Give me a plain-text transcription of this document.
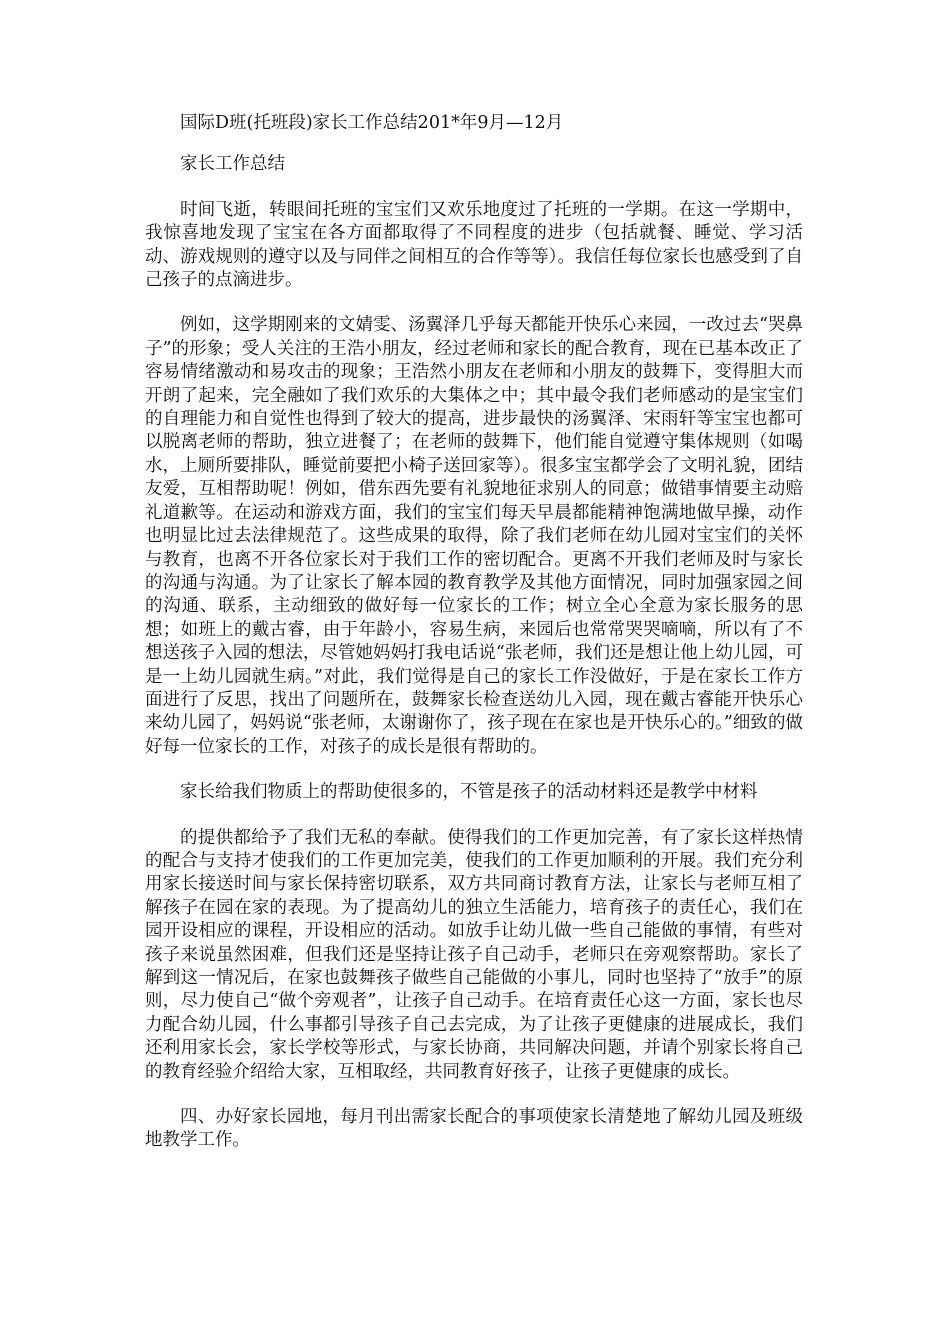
国际D班(托班段)家长工作总结201*年9月—12月

家长工作总结

时间飞逝，转眼间托班的宝宝们又欢乐地度过了托班的一学期。在这一学期中，我惊喜地发现了宝宝在各方面都取得了不同程度的进步（包括就餐、睡觉、学习活动、游戏规则的遵守以及与同伴之间相互的合作等等）。我信任每位家长也感受到了自己孩子的点滴进步。

例如，这学期刚来的文婧雯、汤翼泽几乎每天都能开快乐心来园，一改过去“哭鼻子”的形象；受人关注的王浩小朋友，经过老师和家长的配合教育，现在已基本改正了容易情绪激动和易攻击的现象；王浩然小朋友在老师和小朋友的鼓舞下，变得胆大而开朗了起来，完全融如了我们欢乐的大集体之中；其中最令我们老师感动的是宝宝们的自理能力和自觉性也得到了较大的提高，进步最快的汤翼泽、宋雨轩等宝宝也都可以脱离老师的帮助，独立进餐了；在老师的鼓舞下，他们能自觉遵守集体规则（如喝水，上厕所要排队，睡觉前要把小椅子送回家等）。很多宝宝都学会了文明礼貌，团结友爱，互相帮助呢！例如，借东西先要有礼貌地征求别人的同意；做错事情要主动赔礼道歉等。在运动和游戏方面，我们的宝宝们每天早晨都能精神饱满地做早操，动作也明显比过去法律规范了。这些成果的取得，除了我们老师在幼儿园对宝宝们的关怀与教育，也离不开各位家长对于我们工作的密切配合。更离不开我们老师及时与家长的沟通与沟通。为了让家长了解本园的教育教学及其他方面情况，同时加强家园之间的沟通、联系，主动细致的做好每一位家长的工作；树立全心全意为家长服务的思想；如班上的戴古睿，由于年龄小，容易生病，来园后也常常哭哭嘀嘀，所以有了不想送孩子入园的想法，尽管她妈妈打我电话说“张老师，我们还是想让他上幼儿园，可是一上幼儿园就生病。”对此，我们觉得是自己的家长工作没做好，于是在家长工作方面进行了反思，找出了问题所在，鼓舞家长检查送幼儿入园，现在戴古睿能开快乐心来幼儿园了，妈妈说“张老师，太谢谢你了，孩子现在在家也是开快乐心的。”细致的做好每一位家长的工作，对孩子的成长是很有帮助的。

家长给我们物质上的帮助使很多的，不管是孩子的活动材料还是教学中材料

的提供都给予了我们无私的奉献。使得我们的工作更加完善，有了家长这样热情的配合与支持才使我们的工作更加完美，使我们的工作更加顺利的开展。我们充分利用家长接送时间与家长保持密切联系，双方共同商讨教育方法，让家长与老师互相了解孩子在园在家的表现。为了提高幼儿的独立生活能力，培育孩子的责任心，我们在园开设相应的课程，开设相应的活动。如放手让幼儿做一些自己能做的事情，有些对孩子来说虽然困难，但我们还是坚持让孩子自己动手，老师只在旁观察帮助。家长了解到这一情况后，在家也鼓舞孩子做些自己能做的小事儿，同时也坚持了“放手”的原则，尽力使自己“做个旁观者”，让孩子自己动手。在培育责任心这一方面，家长也尽力配合幼儿园，什么事都引导孩子自己去完成，为了让孩子更健康的进展成长，我们还利用家长会，家长学校等形式，与家长协商，共同解决问题，并请个别家长将自己的教育经验介绍给大家，互相取经，共同教育好孩子，让孩子更健康的成长。

四、办好家长园地，每月刊出需家长配合的事项使家长清楚地了解幼儿园及班级地教学工作。
